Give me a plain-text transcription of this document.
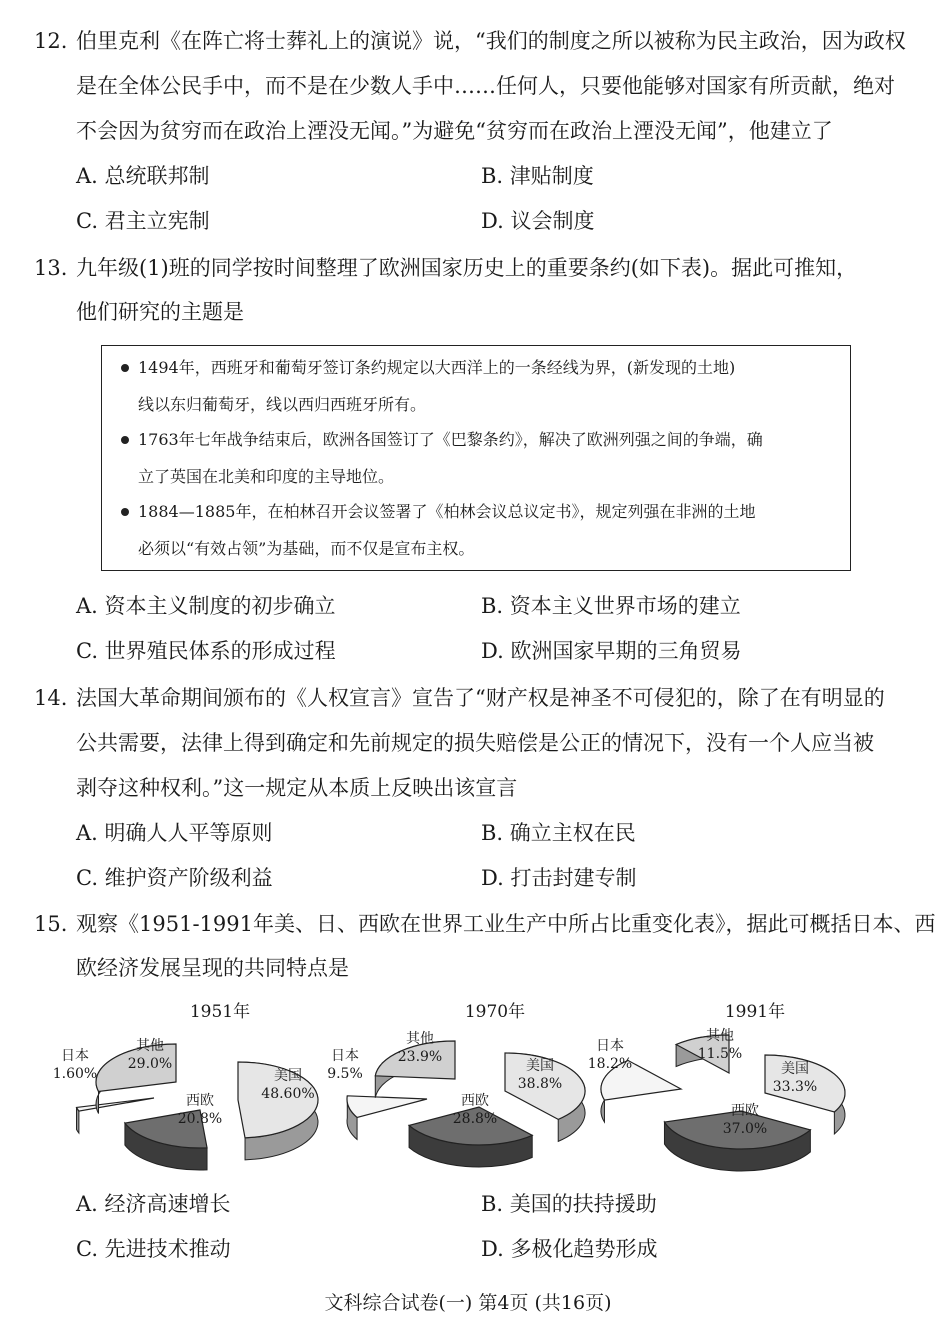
12. 伯里克利《在阵亡将士葬礼上的演说》说，“我们的制度之所以被称为民主政治，因为政权
是在全体公民手中，而不是在少数人手中……任何人，只要他能够对国家有所贡献，绝对
不会因为贫穷而在政治上湮没无闻。”为避免“贫穷而在政治上湮没无闻”，他建立了
A. 总统联邦制	B. 津贴制度
C. 君主立宪制	D. 议会制度
13. 九年级(1)班的同学按时间整理了欧洲国家历史上的重要条约(如下表)。据此可推知，
他们研究的主题是
1494年，西班牙和葡萄牙签订条约规定以大西洋上的一条经线为界，(新发现的土地)
线以东归葡萄牙，线以西归西班牙所有。
1763年七年战争结束后，欧洲各国签订了《巴黎条约》，解决了欧洲列强之间的争端，确
立了英国在北美和印度的主导地位。
1884—1885年，在柏林召开会议签署了《柏林会议总议定书》，规定列强在非洲的土地
必须以“有效占领”为基础，而不仅是宣布主权。
A. 资本主义制度的初步确立	B. 资本主义世界市场的建立
C. 世界殖民体系的形成过程	D. 欧洲国家早期的三角贸易
14. 法国大革命期间颁布的《人权宣言》宣告了“财产权是神圣不可侵犯的，除了在有明显的
公共需要，法律上得到确定和先前规定的损失赔偿是公正的情况下，没有一个人应当被
剥夺这种权利。”这一规定从本质上反映出该宣言
A. 明确人人平等原则	B. 确立主权在民
C. 维护资产阶级利益	D. 打击封建专制
15. 观察《1951-1991年美、日、西欧在世界工业生产中所占比重变化表》，据此可概括日本、西
欧经济发展呈现的共同特点是
1951年
美国
48.60%
西欧
20.8%
日本
1.60%
其他
29.0%
1970年
美国
38.8%
西欧
28.8%
日本
9.5%
其他
23.9%
1991年
美国
33.3%
西欧
37.0%
日本
18.2%
其他
11.5%
A. 经济高速增长	B. 美国的扶持援助
C. 先进技术推动	D. 多极化趋势形成
文科综合试卷(一) 第4页 (共16页)
